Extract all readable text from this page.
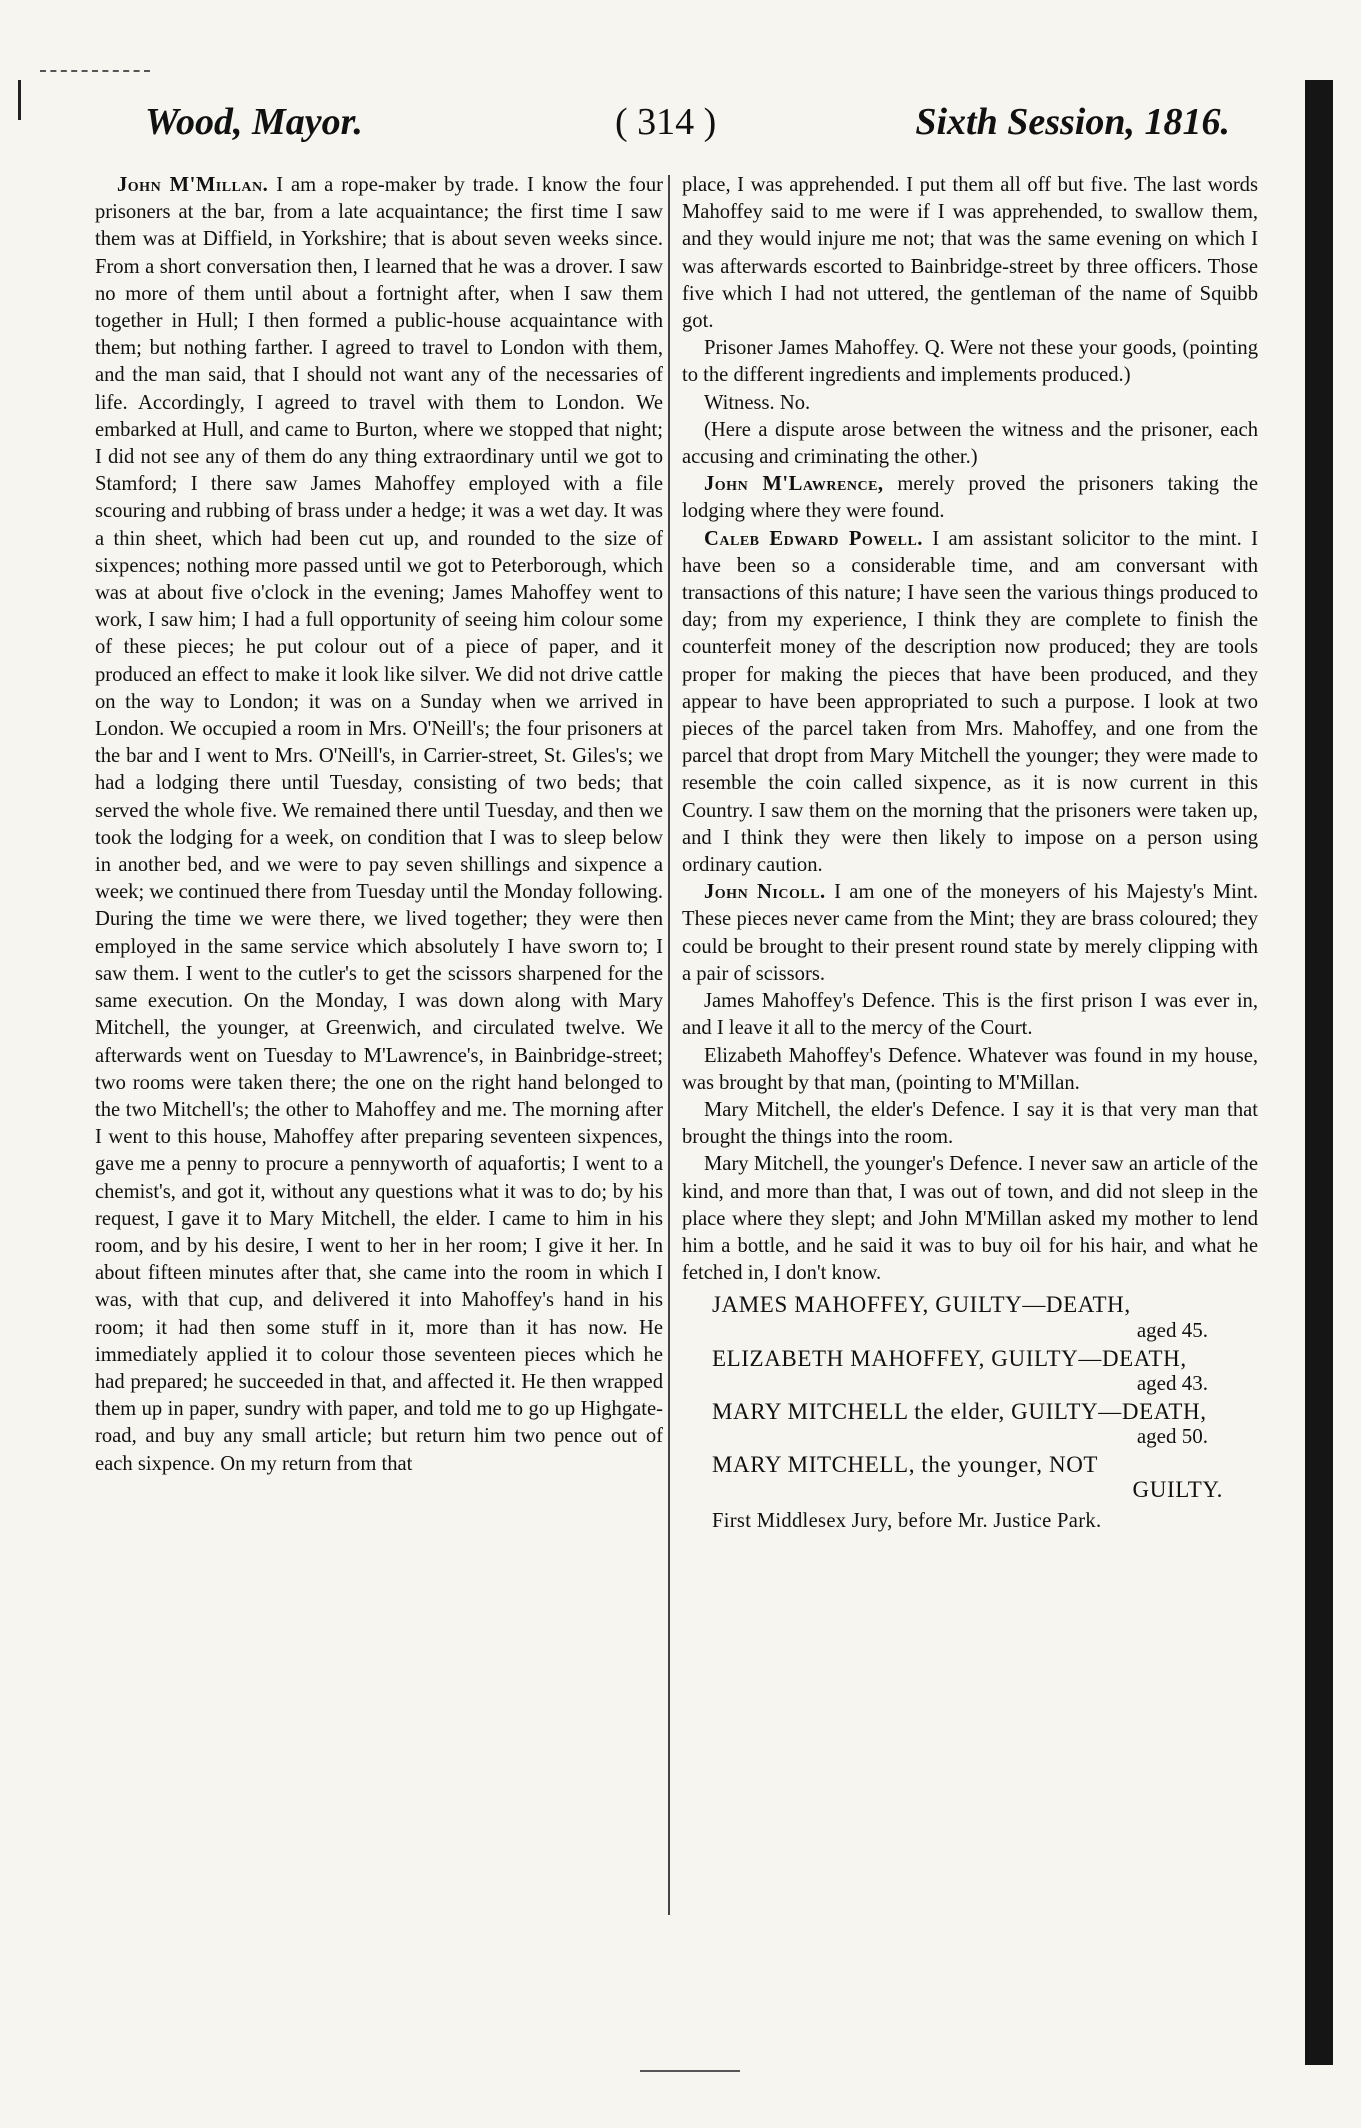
Wood, Mayor.	( 314 )	Sixth Session, 1816.

John M'Millan. I am a rope-maker by trade. I know the four prisoners at the bar, from a late acquaintance; the first time I saw them was at Diffield, in Yorkshire; that is about seven weeks since. From a short conversation then, I learned that he was a drover. I saw no more of them until about a fortnight after, when I saw them together in Hull; I then formed a public-house acquaintance with them; but nothing farther. I agreed to travel to London with them, and the man said, that I should not want any of the necessaries of life. Accordingly, I agreed to travel with them to London. We embarked at Hull, and came to Burton, where we stopped that night; I did not see any of them do any thing extraordinary until we got to Stamford; I there saw James Mahoffey employed with a file scouring and rubbing of brass under a hedge; it was a wet day. It was a thin sheet, which had been cut up, and rounded to the size of sixpences; nothing more passed until we got to Peterborough, which was at about five o'clock in the evening; James Mahoffey went to work, I saw him; I had a full opportunity of seeing him colour some of these pieces; he put colour out of a piece of paper, and it produced an effect to make it look like silver. We did not drive cattle on the way to London; it was on a Sunday when we arrived in London. We occupied a room in Mrs. O'Neill's; the four prisoners at the bar and I went to Mrs. O'Neill's, in Carrier-street, St. Giles's; we had a lodging there until Tuesday, consisting of two beds; that served the whole five. We remained there until Tuesday, and then we took the lodging for a week, on condition that I was to sleep below in another bed, and we were to pay seven shillings and sixpence a week; we continued there from Tuesday until the Monday following. During the time we were there, we lived together; they were then employed in the same service which absolutely I have sworn to; I saw them. I went to the cutler's to get the scissors sharpened for the same execution. On the Monday, I was down along with Mary Mitchell, the younger, at Greenwich, and circulated twelve. We afterwards went on Tuesday to M'Lawrence's, in Bainbridge-street; two rooms were taken there; the one on the right hand belonged to the two Mitchell's; the other to Mahoffey and me. The morning after I went to this house, Mahoffey after preparing seventeen sixpences, gave me a penny to procure a pennyworth of aquafortis; I went to a chemist's, and got it, without any questions what it was to do; by his request, I gave it to Mary Mitchell, the elder. I came to him in his room, and by his desire, I went to her in her room; I give it her. In about fifteen minutes after that, she came into the room in which I was, with that cup, and delivered it into Mahoffey's hand in his room; it had then some stuff in it, more than it has now. He immediately applied it to colour those seventeen pieces which he had prepared; he succeeded in that, and affected it. He then wrapped them up in paper, sundry with paper, and told me to go up Highgate-road, and buy any small article; but return him two pence out of each sixpence. On my return from that

place, I was apprehended. I put them all off but five. The last words Mahoffey said to me were if I was apprehended, to swallow them, and they would injure me not; that was the same evening on which I was afterwards escorted to Bainbridge-street by three officers. Those five which I had not uttered, the gentleman of the name of Squibb got.

Prisoner James Mahoffey. Q. Were not these your goods, (pointing to the different ingredients and implements produced.)

Witness. No.

(Here a dispute arose between the witness and the prisoner, each accusing and criminating the other.)

John M'Lawrence, merely proved the prisoners taking the lodging where they were found.

Caleb Edward Powell. I am assistant solicitor to the mint. I have been so a considerable time, and am conversant with transactions of this nature; I have seen the various things produced to day; from my experience, I think they are complete to finish the counterfeit money of the description now produced; they are tools proper for making the pieces that have been produced, and they appear to have been appropriated to such a purpose. I look at two pieces of the parcel taken from Mrs. Mahoffey, and one from the parcel that dropt from Mary Mitchell the younger; they were made to resemble the coin called sixpence, as it is now current in this Country. I saw them on the morning that the prisoners were taken up, and I think they were then likely to impose on a person using ordinary caution.

John Nicoll. I am one of the moneyers of his Majesty's Mint. These pieces never came from the Mint; they are brass coloured; they could be brought to their present round state by merely clipping with a pair of scissors.

James Mahoffey's Defence. This is the first prison I was ever in, and I leave it all to the mercy of the Court.

Elizabeth Mahoffey's Defence. Whatever was found in my house, was brought by that man, (pointing to M'Millan.

Mary Mitchell, the elder's Defence. I say it is that very man that brought the things into the room.

Mary Mitchell, the younger's Defence. I never saw an article of the kind, and more than that, I was out of town, and did not sleep in the place where they slept; and John M'Millan asked my mother to lend him a bottle, and he said it was to buy oil for his hair, and what he fetched in, I don't know.

JAMES MAHOFFEY, GUILTY—DEATH,

aged 45.

ELIZABETH MAHOFFEY, GUILTY—DEATH,

aged 43.

MARY MITCHELL the elder, GUILTY—DEATH,

aged 50.

MARY MITCHELL, the younger, NOT

GUILTY.

First Middlesex Jury, before Mr. Justice Park.
